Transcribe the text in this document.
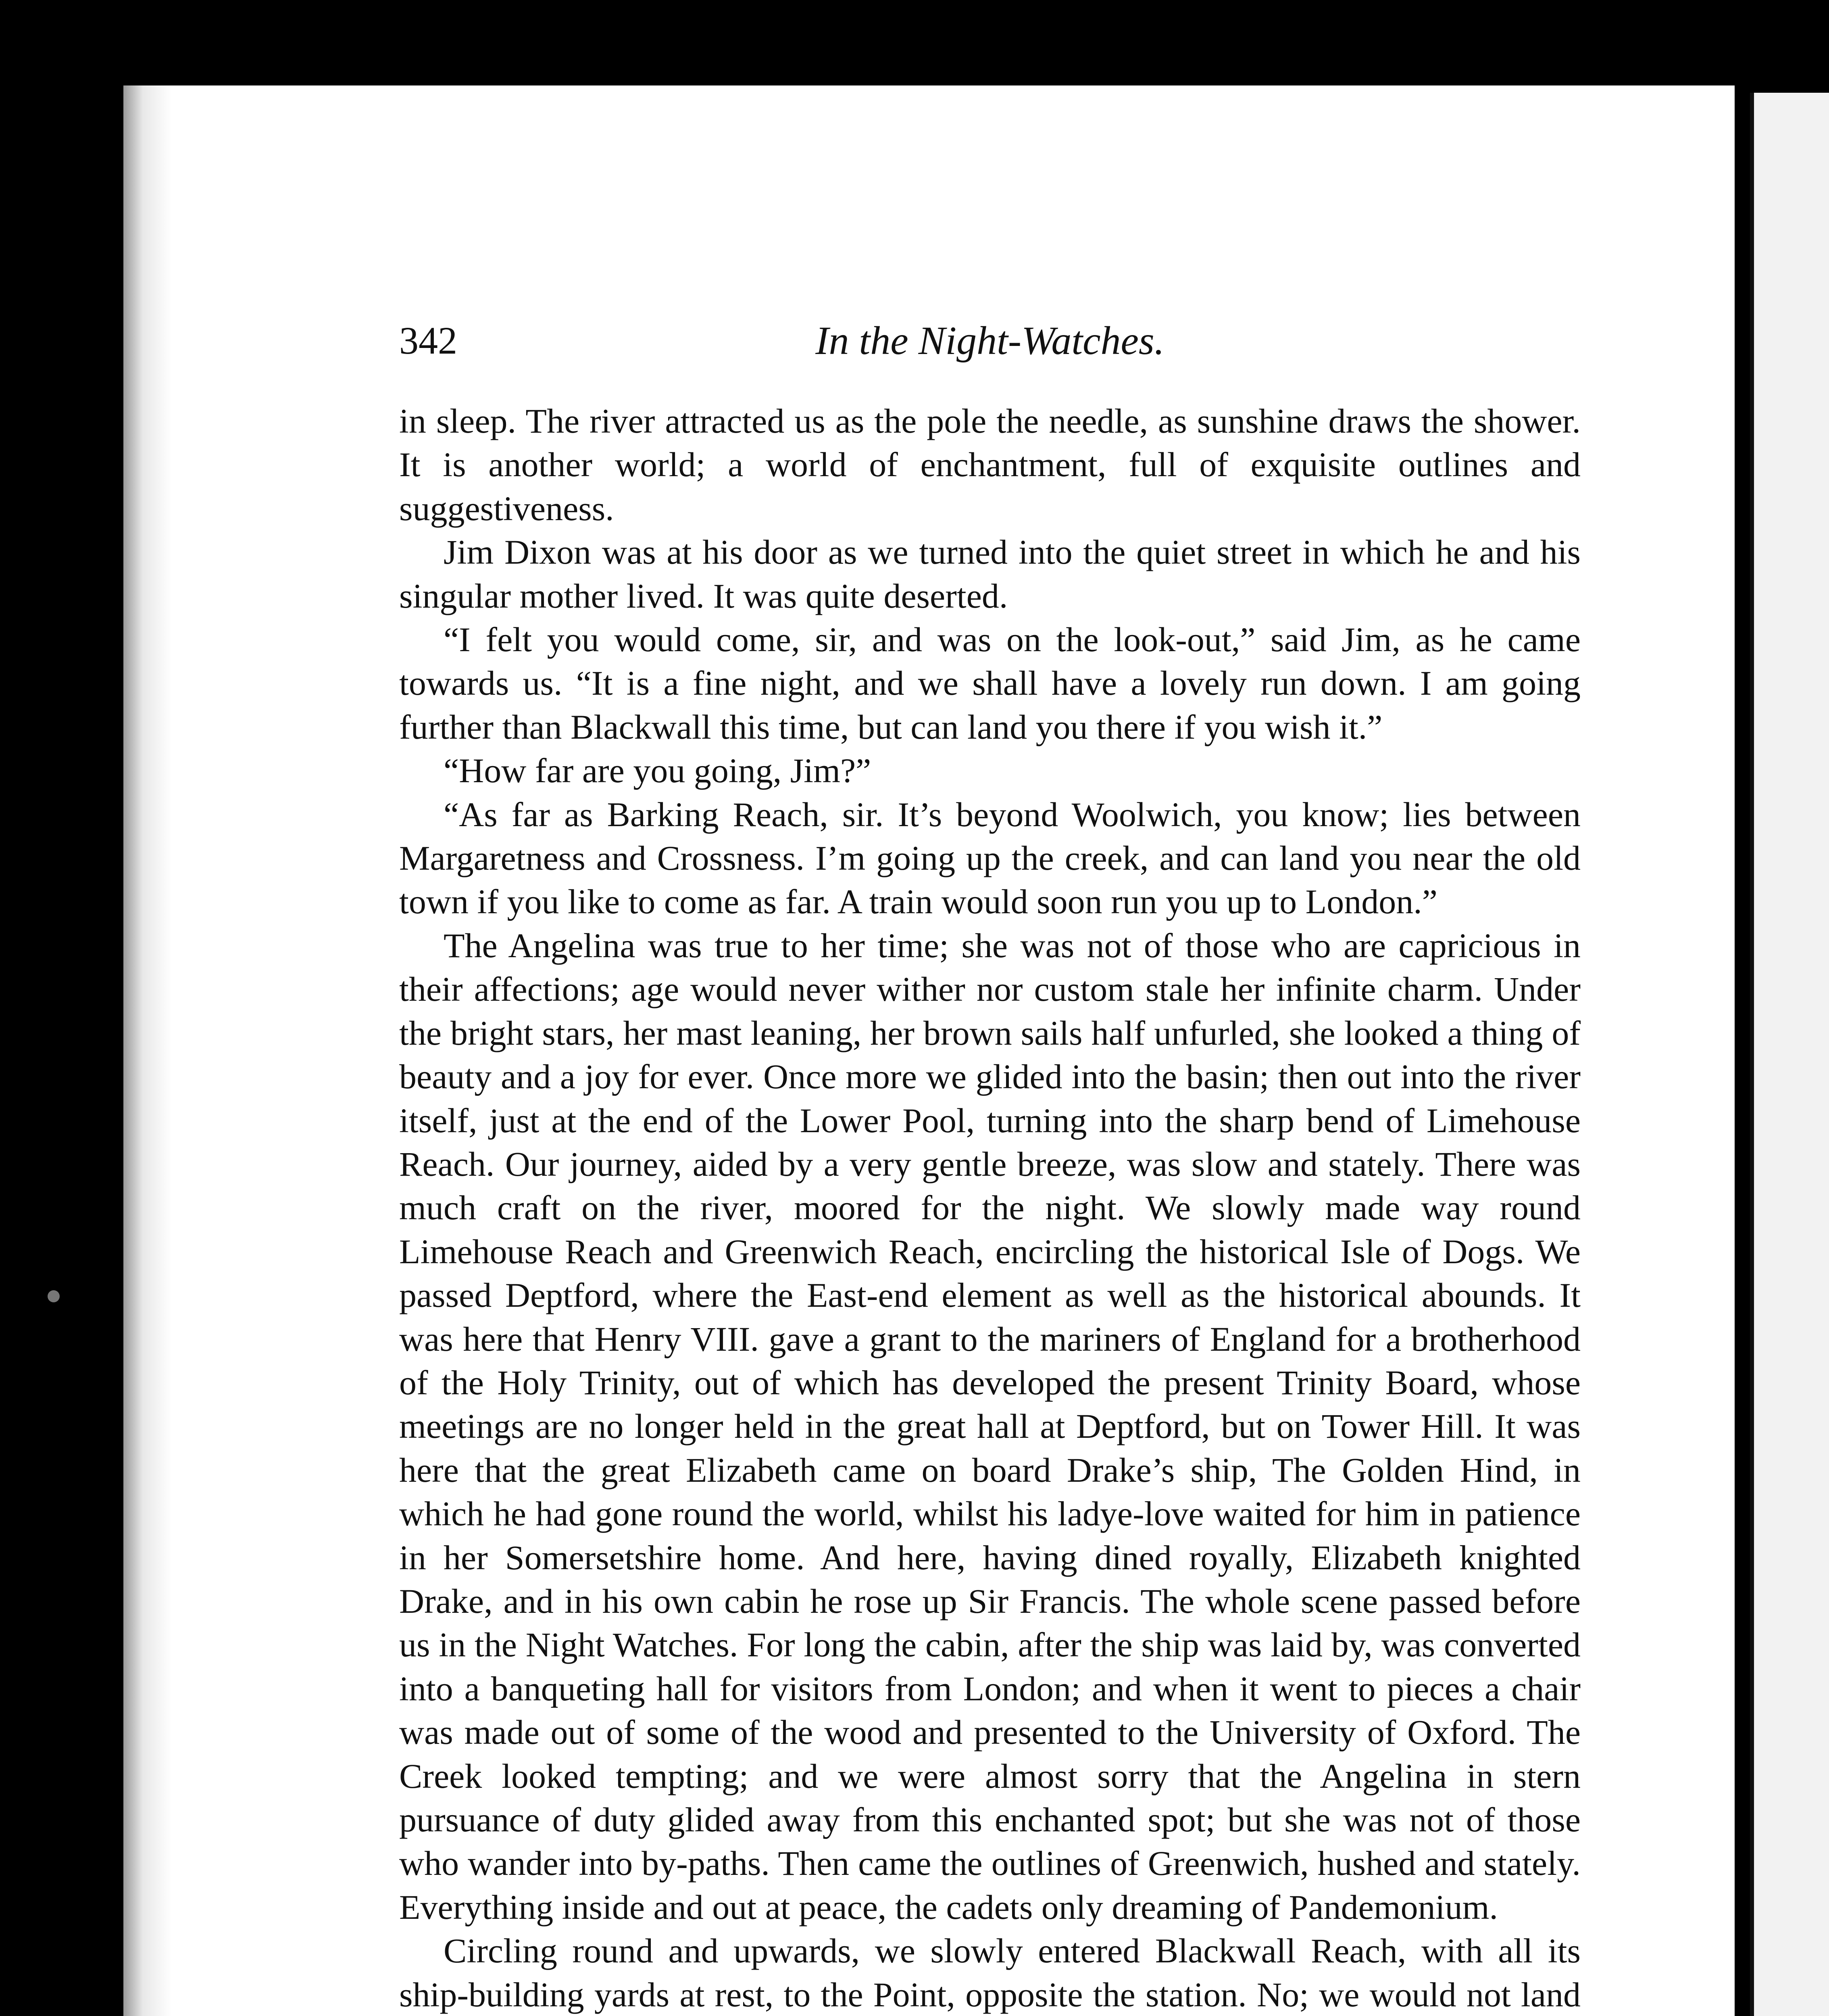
342	In the Night-Watches.

in sleep. The river attracted us as the pole the needle, as sunshine draws the shower. It is another world; a world of enchantment, full of exquisite outlines and suggestiveness.

Jim Dixon was at his door as we turned into the quiet street in which he and his singular mother lived. It was quite deserted.

“I felt you would come, sir, and was on the look-out,” said Jim, as he came towards us. “It is a fine night, and we shall have a lovely run down. I am going further than Blackwall this time, but can land you there if you wish it.”

“How far are you going, Jim?”

“As far as Barking Reach, sir. It’s beyond Woolwich, you know; lies between Margaretness and Crossness. I’m going up the creek, and can land you near the old town if you like to come as far. A train would soon run you up to London.”

The Angelina was true to her time; she was not of those who are capricious in their affections; age would never wither nor custom stale her infinite charm. Under the bright stars, her mast leaning, her brown sails half unfurled, she looked a thing of beauty and a joy for ever. Once more we glided into the basin; then out into the river itself, just at the end of the Lower Pool, turning into the sharp bend of Limehouse Reach. Our journey, aided by a very gentle breeze, was slow and stately. There was much craft on the river, moored for the night. We slowly made way round Limehouse Reach and Greenwich Reach, encircling the historical Isle of Dogs. We passed Deptford, where the East-end element as well as the historical abounds. It was here that Henry VIII. gave a grant to the mariners of England for a brotherhood of the Holy Trinity, out of which has developed the present Trinity Board, whose meetings are no longer held in the great hall at Deptford, but on Tower Hill. It was here that the great Elizabeth came on board Drake’s ship, The Golden Hind, in which he had gone round the world, whilst his ladye-love waited for him in patience in her Somersetshire home. And here, having dined royally, Elizabeth knighted Drake, and in his own cabin he rose up Sir Francis. The whole scene passed before us in the Night Watches. For long the cabin, after the ship was laid by, was converted into a banqueting hall for visitors from London; and when it went to pieces a chair was made out of some of the wood and presented to the University of Oxford. The Creek looked tempting; and we were almost sorry that the Angelina in stern pursuance of duty glided away from this enchanted spot; but she was not of those who wander into by-paths. Then came the outlines of Greenwich, hushed and stately. Everything inside and out at peace, the cadets only dreaming of Pandemonium.

Circling round and upwards, we slowly entered Blackwall Reach, with all its ship-building yards at rest, to the Point, opposite the station. No; we would not land
